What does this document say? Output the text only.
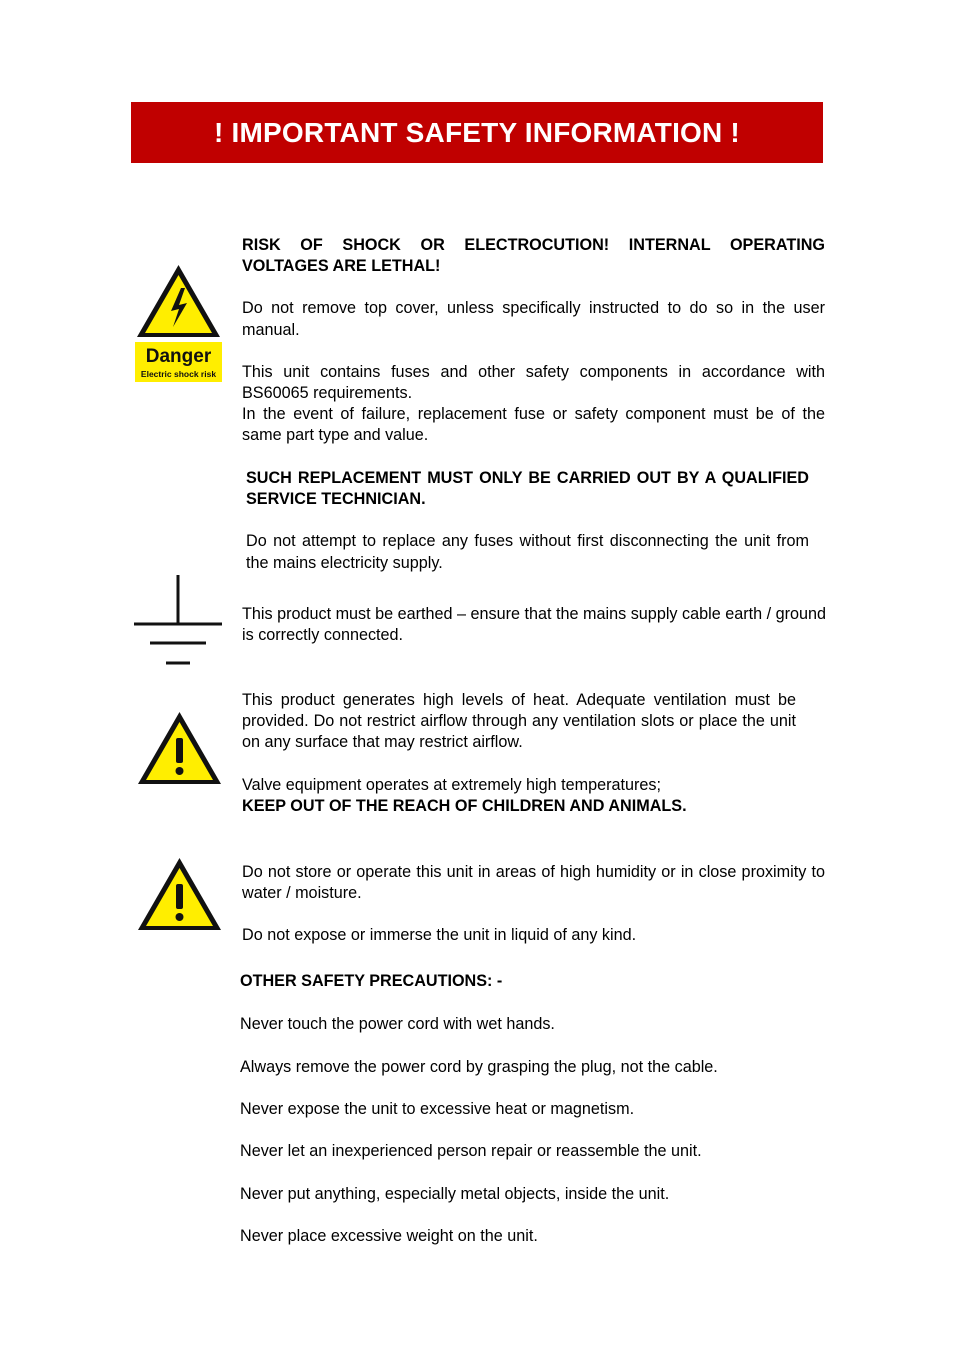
! IMPORTANT SAFETY INFORMATION !
Danger
Electric shock risk

RISK OF SHOCK OR ELECTROCUTION! INTERNAL OPERATING VOLTAGES ARE LETHAL!

Do not remove top cover, unless specifically instructed to do so in the user manual.

This unit contains fuses and other safety components in accordance with BS60065 requirements.

In the event of failure, replacement fuse or safety component must be of the same part type and value.

SUCH REPLACEMENT MUST ONLY BE CARRIED OUT BY A QUALIFIED SERVICE TECHNICIAN.

Do not attempt to replace any fuses without first disconnecting the unit from the mains electricity supply.

This product must be earthed – ensure that the mains supply cable earth / ground is correctly connected.

This product generates high levels of heat. Adequate ventilation must be provided. Do not restrict airflow through any ventilation slots or place the unit on any surface that may restrict airflow.

Valve equipment operates at extremely high temperatures;

KEEP OUT OF THE REACH OF CHILDREN AND ANIMALS.

Do not store or operate this unit in areas of high humidity or in close proximity to water / moisture.

Do not expose or immerse the unit in liquid of any kind.

OTHER SAFETY PRECAUTIONS: -

Never touch the power cord with wet hands.

Always remove the power cord by grasping the plug, not the cable.

Never expose the unit to excessive heat or magnetism.

Never let an inexperienced person repair or reassemble the unit.

Never put anything, especially metal objects, inside the unit.

Never place excessive weight on the unit.
